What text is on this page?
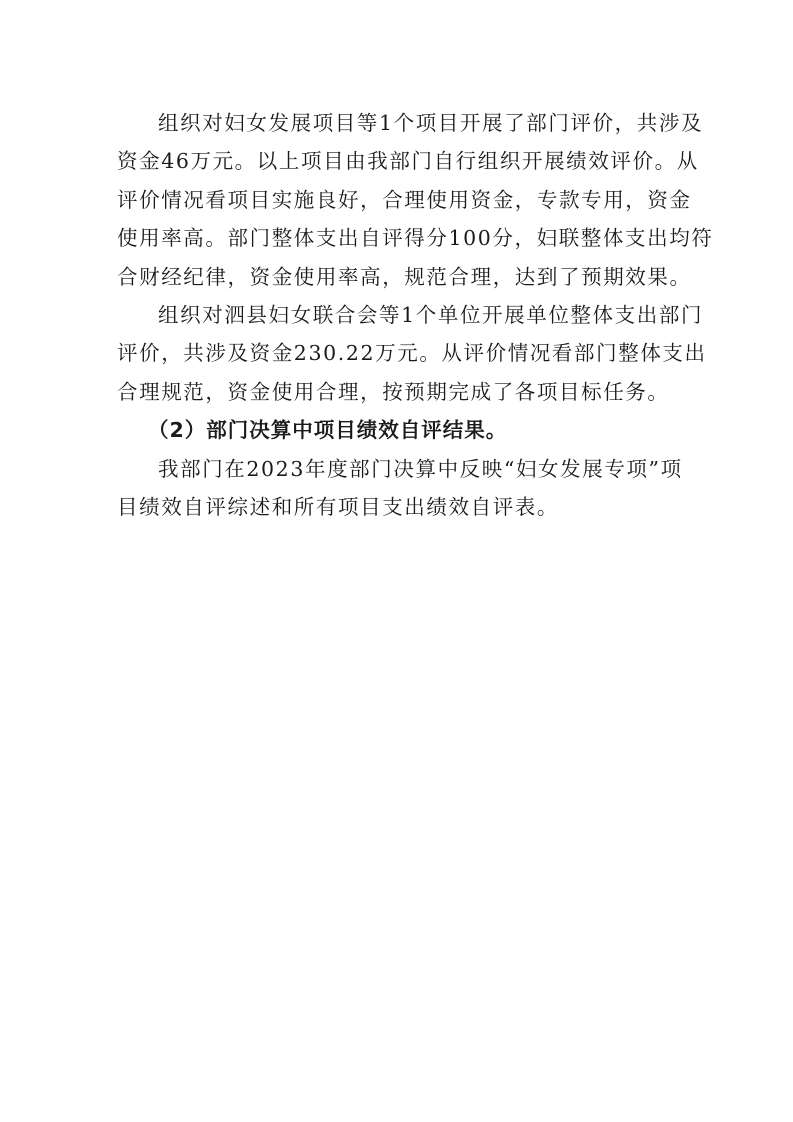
组织对妇女发展项目等1个项目开展了部门评价，共涉及
资金46万元。以上项目由我部门自行组织开展绩效评价。从
评价情况看项目实施良好，合理使用资金，专款专用，资金
使用率高。部门整体支出自评得分100分，妇联整体支出均符
合财经纪律，资金使用率高，规范合理，达到了预期效果。
组织对泗县妇女联合会等1个单位开展单位整体支出部门
评价，共涉及资金230.22万元。从评价情况看部门整体支出
合理规范，资金使用合理，按预期完成了各项目标任务。
（2）部门决算中项目绩效自评结果。
我部门在2023年度部门决算中反映“妇女发展专项”项
目绩效自评综述和所有项目支出绩效自评表。
